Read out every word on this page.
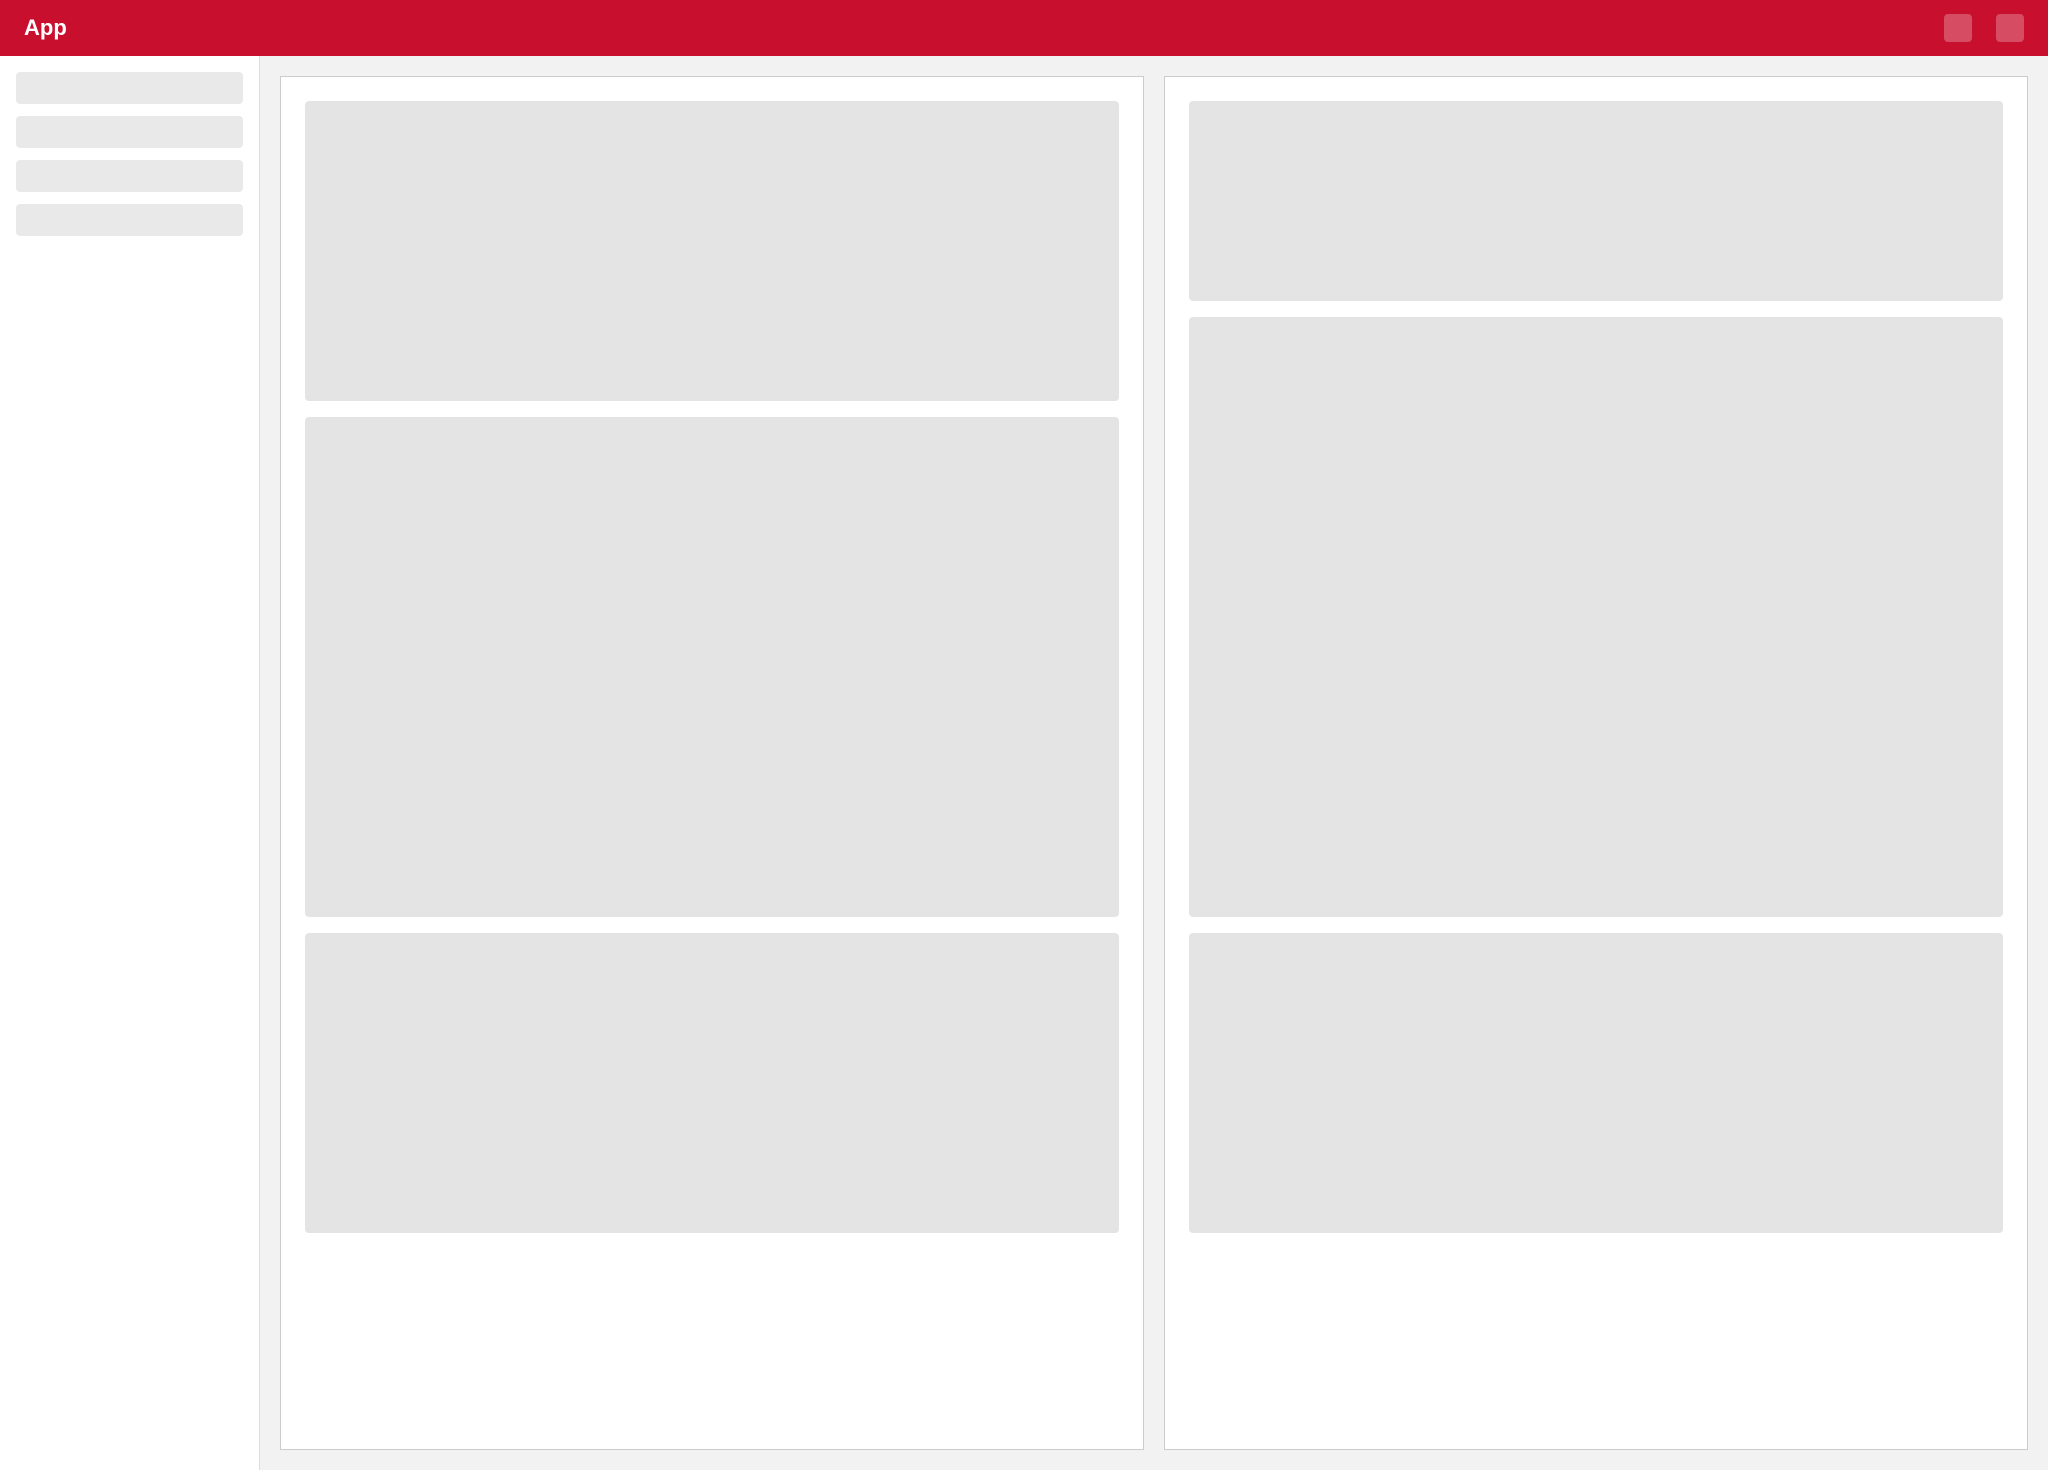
App
